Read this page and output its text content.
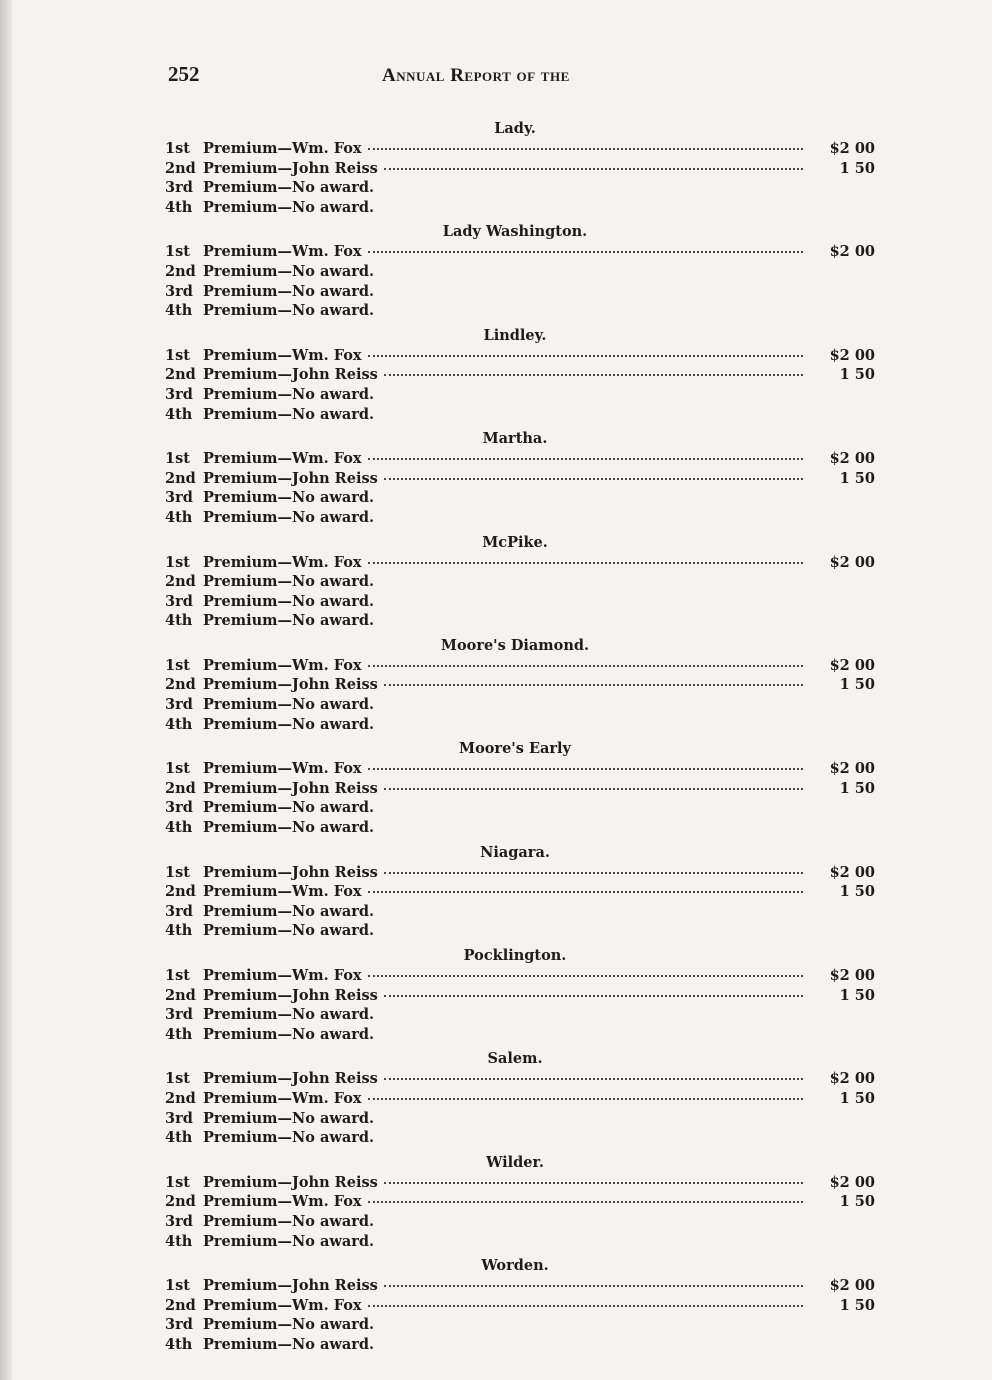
252	Annual Report of the
Lady.
1st Premium—Wm. Fox	$2 00
2nd Premium—John Reiss	1 50
3rd Premium—No award.
4th Premium—No award.
Lady Washington.
1st Premium—Wm. Fox	$2 00
2nd Premium—No award.
3rd Premium—No award.
4th Premium—No award.
Lindley.
1st Premium—Wm. Fox	$2 00
2nd Premium—John Reiss	1 50
3rd Premium—No award.
4th Premium—No award.
Martha.
1st Premium—Wm. Fox	$2 00
2nd Premium—John Reiss	1 50
3rd Premium—No award.
4th Premium—No award.
McPike.
1st Premium—Wm. Fox	$2 00
2nd Premium—No award.
3rd Premium—No award.
4th Premium—No award.
Moore's Diamond.
1st Premium—Wm. Fox	$2 00
2nd Premium—John Reiss	1 50
3rd Premium—No award.
4th Premium—No award.
Moore's Early
1st Premium—Wm. Fox	$2 00
2nd Premium—John Reiss	1 50
3rd Premium—No award.
4th Premium—No award.
Niagara.
1st Premium—John Reiss	$2 00
2nd Premium—Wm. Fox	1 50
3rd Premium—No award.
4th Premium—No award.
Pocklington.
1st Premium—Wm. Fox	$2 00
2nd Premium—John Reiss	1 50
3rd Premium—No award.
4th Premium—No award.
Salem.
1st Premium—John Reiss	$2 00
2nd Premium—Wm. Fox	1 50
3rd Premium—No award.
4th Premium—No award.
Wilder.
1st Premium—John Reiss	$2 00
2nd Premium—Wm. Fox	1 50
3rd Premium—No award.
4th Premium—No award.
Worden.
1st Premium—John Reiss	$2 00
2nd Premium—Wm. Fox	1 50
3rd Premium—No award.
4th Premium—No award.
